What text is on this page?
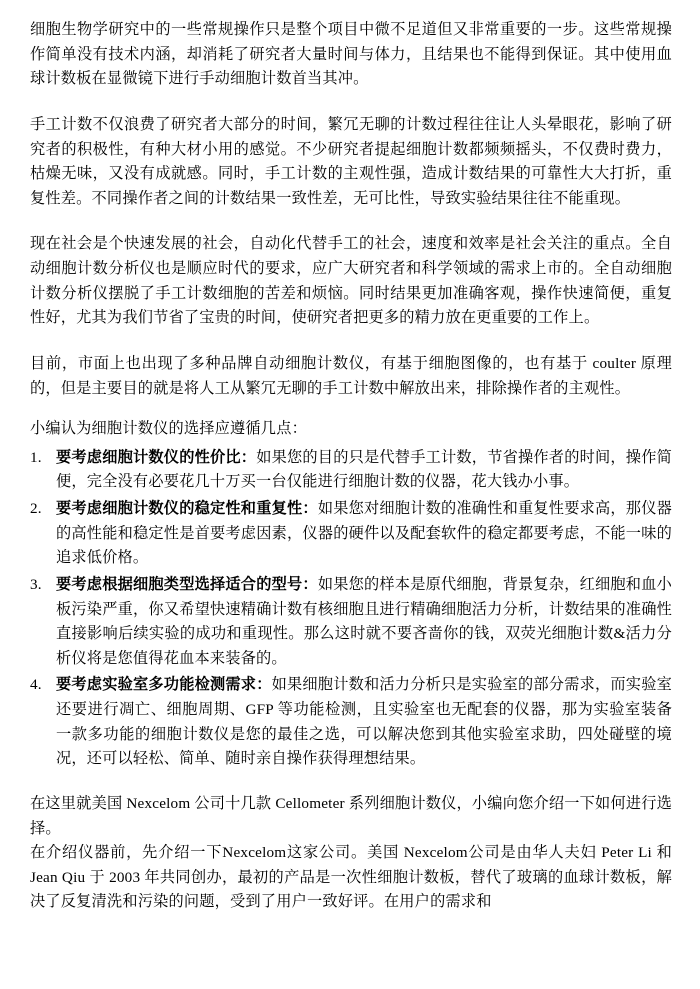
细胞生物学研究中的一些常规操作只是整个项目中微不足道但又非常重要的一步。这些常规操作简单没有技术内涵，却消耗了研究者大量时间与体力，且结果也不能得到保证。其中使用血球计数板在显微镜下进行手动细胞计数首当其冲。

手工计数不仅浪费了研究者大部分的时间，繁冗无聊的计数过程往往让人头晕眼花，影响了研究者的积极性，有种大材小用的感觉。不少研究者提起细胞计数都频频摇头，不仅费时费力，枯燥无味，又没有成就感。同时，手工计数的主观性强，造成计数结果的可靠性大大打折，重复性差。不同操作者之间的计数结果一致性差，无可比性，导致实验结果往往不能重现。

现在社会是个快速发展的社会，自动化代替手工的社会，速度和效率是社会关注的重点。全自动细胞计数分析仪也是顺应时代的要求，应广大研究者和科学领域的需求上市的。全自动细胞计数分析仪摆脱了手工计数细胞的苦差和烦恼。同时结果更加准确客观，操作快速简便，重复性好，尤其为我们节省了宝贵的时间，使研究者把更多的精力放在更重要的工作上。

目前，市面上也出现了多种品牌自动细胞计数仪，有基于细胞图像的，也有基于 coulter 原理的，但是主要目的就是将人工从繁冗无聊的手工计数中解放出来，排除操作者的主观性。

小编认为细胞计数仪的选择应遵循几点：

1. 要考虑细胞计数仪的性价比：如果您的目的只是代替手工计数，节省操作者的时间，操作简便，完全没有必要花几十万买一台仅能进行细胞计数的仪器，花大钱办小事。
2. 要考虑细胞计数仪的稳定性和重复性：如果您对细胞计数的准确性和重复性要求高，那仪器的高性能和稳定性是首要考虑因素，仪器的硬件以及配套软件的稳定都要考虑，不能一味的追求低价格。
3. 要考虑根据细胞类型选择适合的型号：如果您的样本是原代细胞，背景复杂，红细胞和血小板污染严重，你又希望快速精确计数有核细胞且进行精确细胞活力分析，计数结果的准确性直接影响后续实验的成功和重现性。那么这时就不要吝啬你的钱，双荧光细胞计数&活力分析仪将是您值得花血本来装备的。
4. 要考虑实验室多功能检测需求：如果细胞计数和活力分析只是实验室的部分需求，而实验室还要进行凋亡、细胞周期、GFP 等功能检测，且实验室也无配套的仪器，那为实验室装备一款多功能的细胞计数仪是您的最佳之选，可以解决您到其他实验室求助，四处碰壁的境况，还可以轻松、简单、随时亲自操作获得理想结果。

在这里就美国 Nexcelom 公司十几款 Cellometer 系列细胞计数仪，小编向您介绍一下如何进行选择。

在介绍仪器前，先介绍一下Nexcelom这家公司。美国 Nexcelom公司是由华人夫妇 Peter Li 和 Jean Qiu 于 2003 年共同创办，最初的产品是一次性细胞计数板，替代了玻璃的血球计数板，解决了反复清洗和污染的问题，受到了用户一致好评。在用户的需求和
